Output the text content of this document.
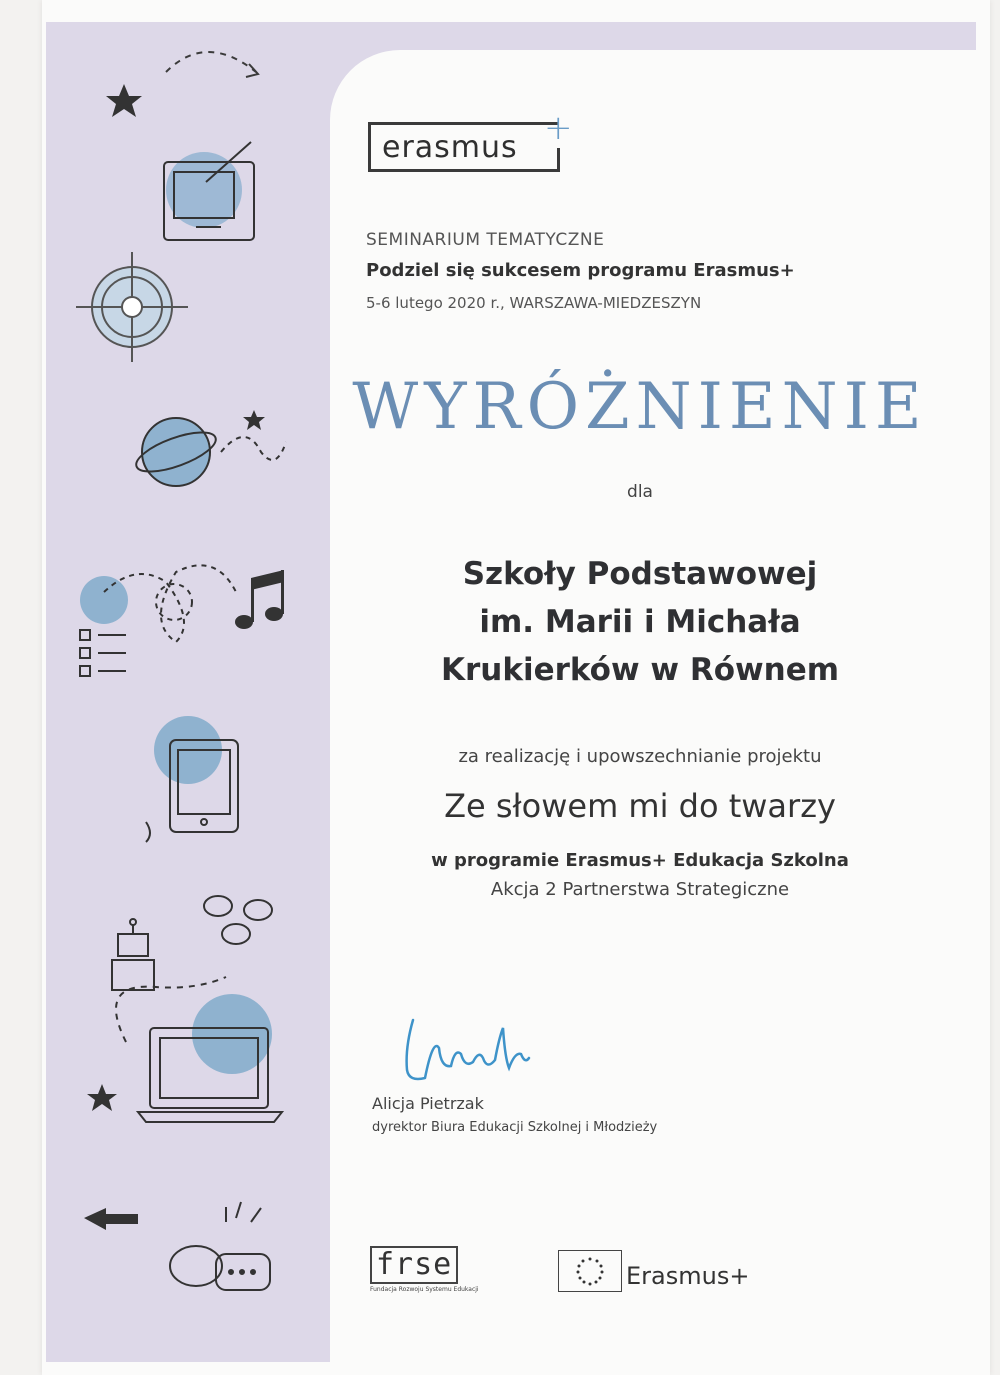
erasmus +
SEMINARIUM TEMATYCZNE
Podziel się sukcesem programu Erasmus+
5-6 lutego 2020 r., WARSZAWA-MIEDZESZYN
WYRÓŻNIENIE
dla
Szkoły Podstawowej
im. Marii i Michała
Krukierków w Równem
za realizację i upowszechnianie projektu
Ze słowem mi do twarzy
w programie Erasmus+ Edukacja Szkolna
Akcja 2 Partnerstwa Strategiczne
Alicja Pietrzak
dyrektor Biura Edukacji Szkolnej i Młodzieży
frse
Fundacja Rozwoju Systemu Edukacji	Erasmus+
